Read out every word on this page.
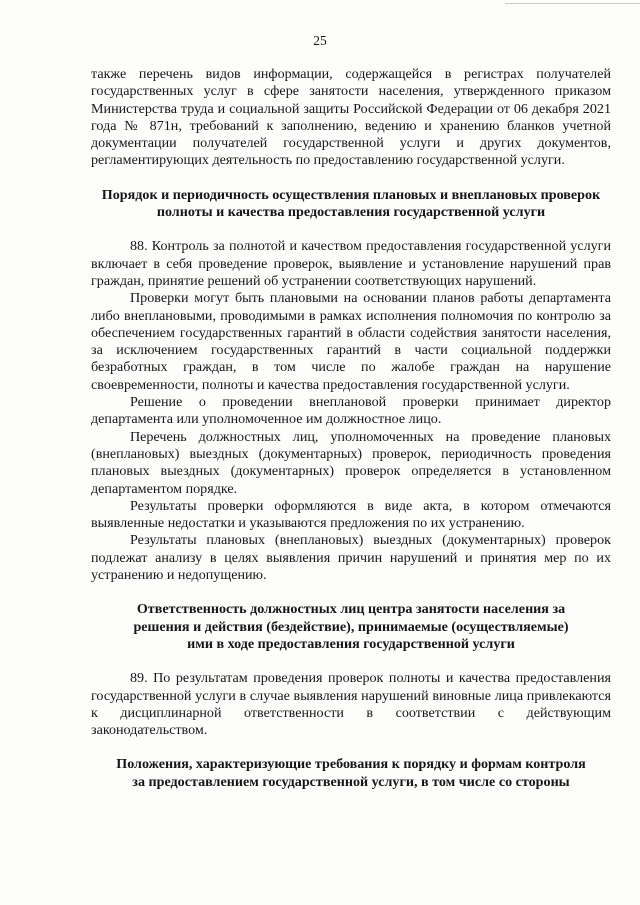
25

также перечень видов информации, содержащейся в регистрах получателей государственных услуг в сфере занятости населения, утвержденного приказом Министерства труда и социальной защиты Российской Федерации от 06 декабря 2021 года № 871н, требований к заполнению, ведению и хранению бланков учетной документации получателей государственной услуги и других документов, регламентирующих деятельность по предоставлению государственной услуги.

Порядок и периодичность осуществления плановых и внеплановых проверок полноты и качества предоставления государственной услуги

88. Контроль за полнотой и качеством предоставления государственной услуги включает в себя проведение проверок, выявление и установление нарушений прав граждан, принятие решений об устранении соответствующих нарушений.

Проверки могут быть плановыми на основании планов работы департамента либо внеплановыми, проводимыми в рамках исполнения полномочия по контролю за обеспечением государственных гарантий в области содействия занятости населения, за исключением государственных гарантий в части социальной поддержки безработных граждан, в том числе по жалобе граждан на нарушение своевременности, полноты и качества предоставления государственной услуги.

Решение о проведении внеплановой проверки принимает директор департамента или уполномоченное им должностное лицо.

Перечень должностных лиц, уполномоченных на проведение плановых (внеплановых) выездных (документарных) проверок, периодичность проведения плановых выездных (документарных) проверок определяется в установленном департаментом порядке.

Результаты проверки оформляются в виде акта, в котором отмечаются выявленные недостатки и указываются предложения по их устранению.

Результаты плановых (внеплановых) выездных (документарных) проверок подлежат анализу в целях выявления причин нарушений и принятия мер по их устранению и недопущению.

Ответственность должностных лиц центра занятости населения за
решения и действия (бездействие), принимаемые (осуществляемые)
ими в ходе предоставления государственной услуги

89. По результатам проведения проверок полноты и качества предоставления государственной услуги в случае выявления нарушений виновные лица привлекаются к дисциплинарной ответственности в соответствии с действующим законодательством.

Положения, характеризующие требования к порядку и формам контроля
за предоставлением государственной услуги, в том числе со стороны
